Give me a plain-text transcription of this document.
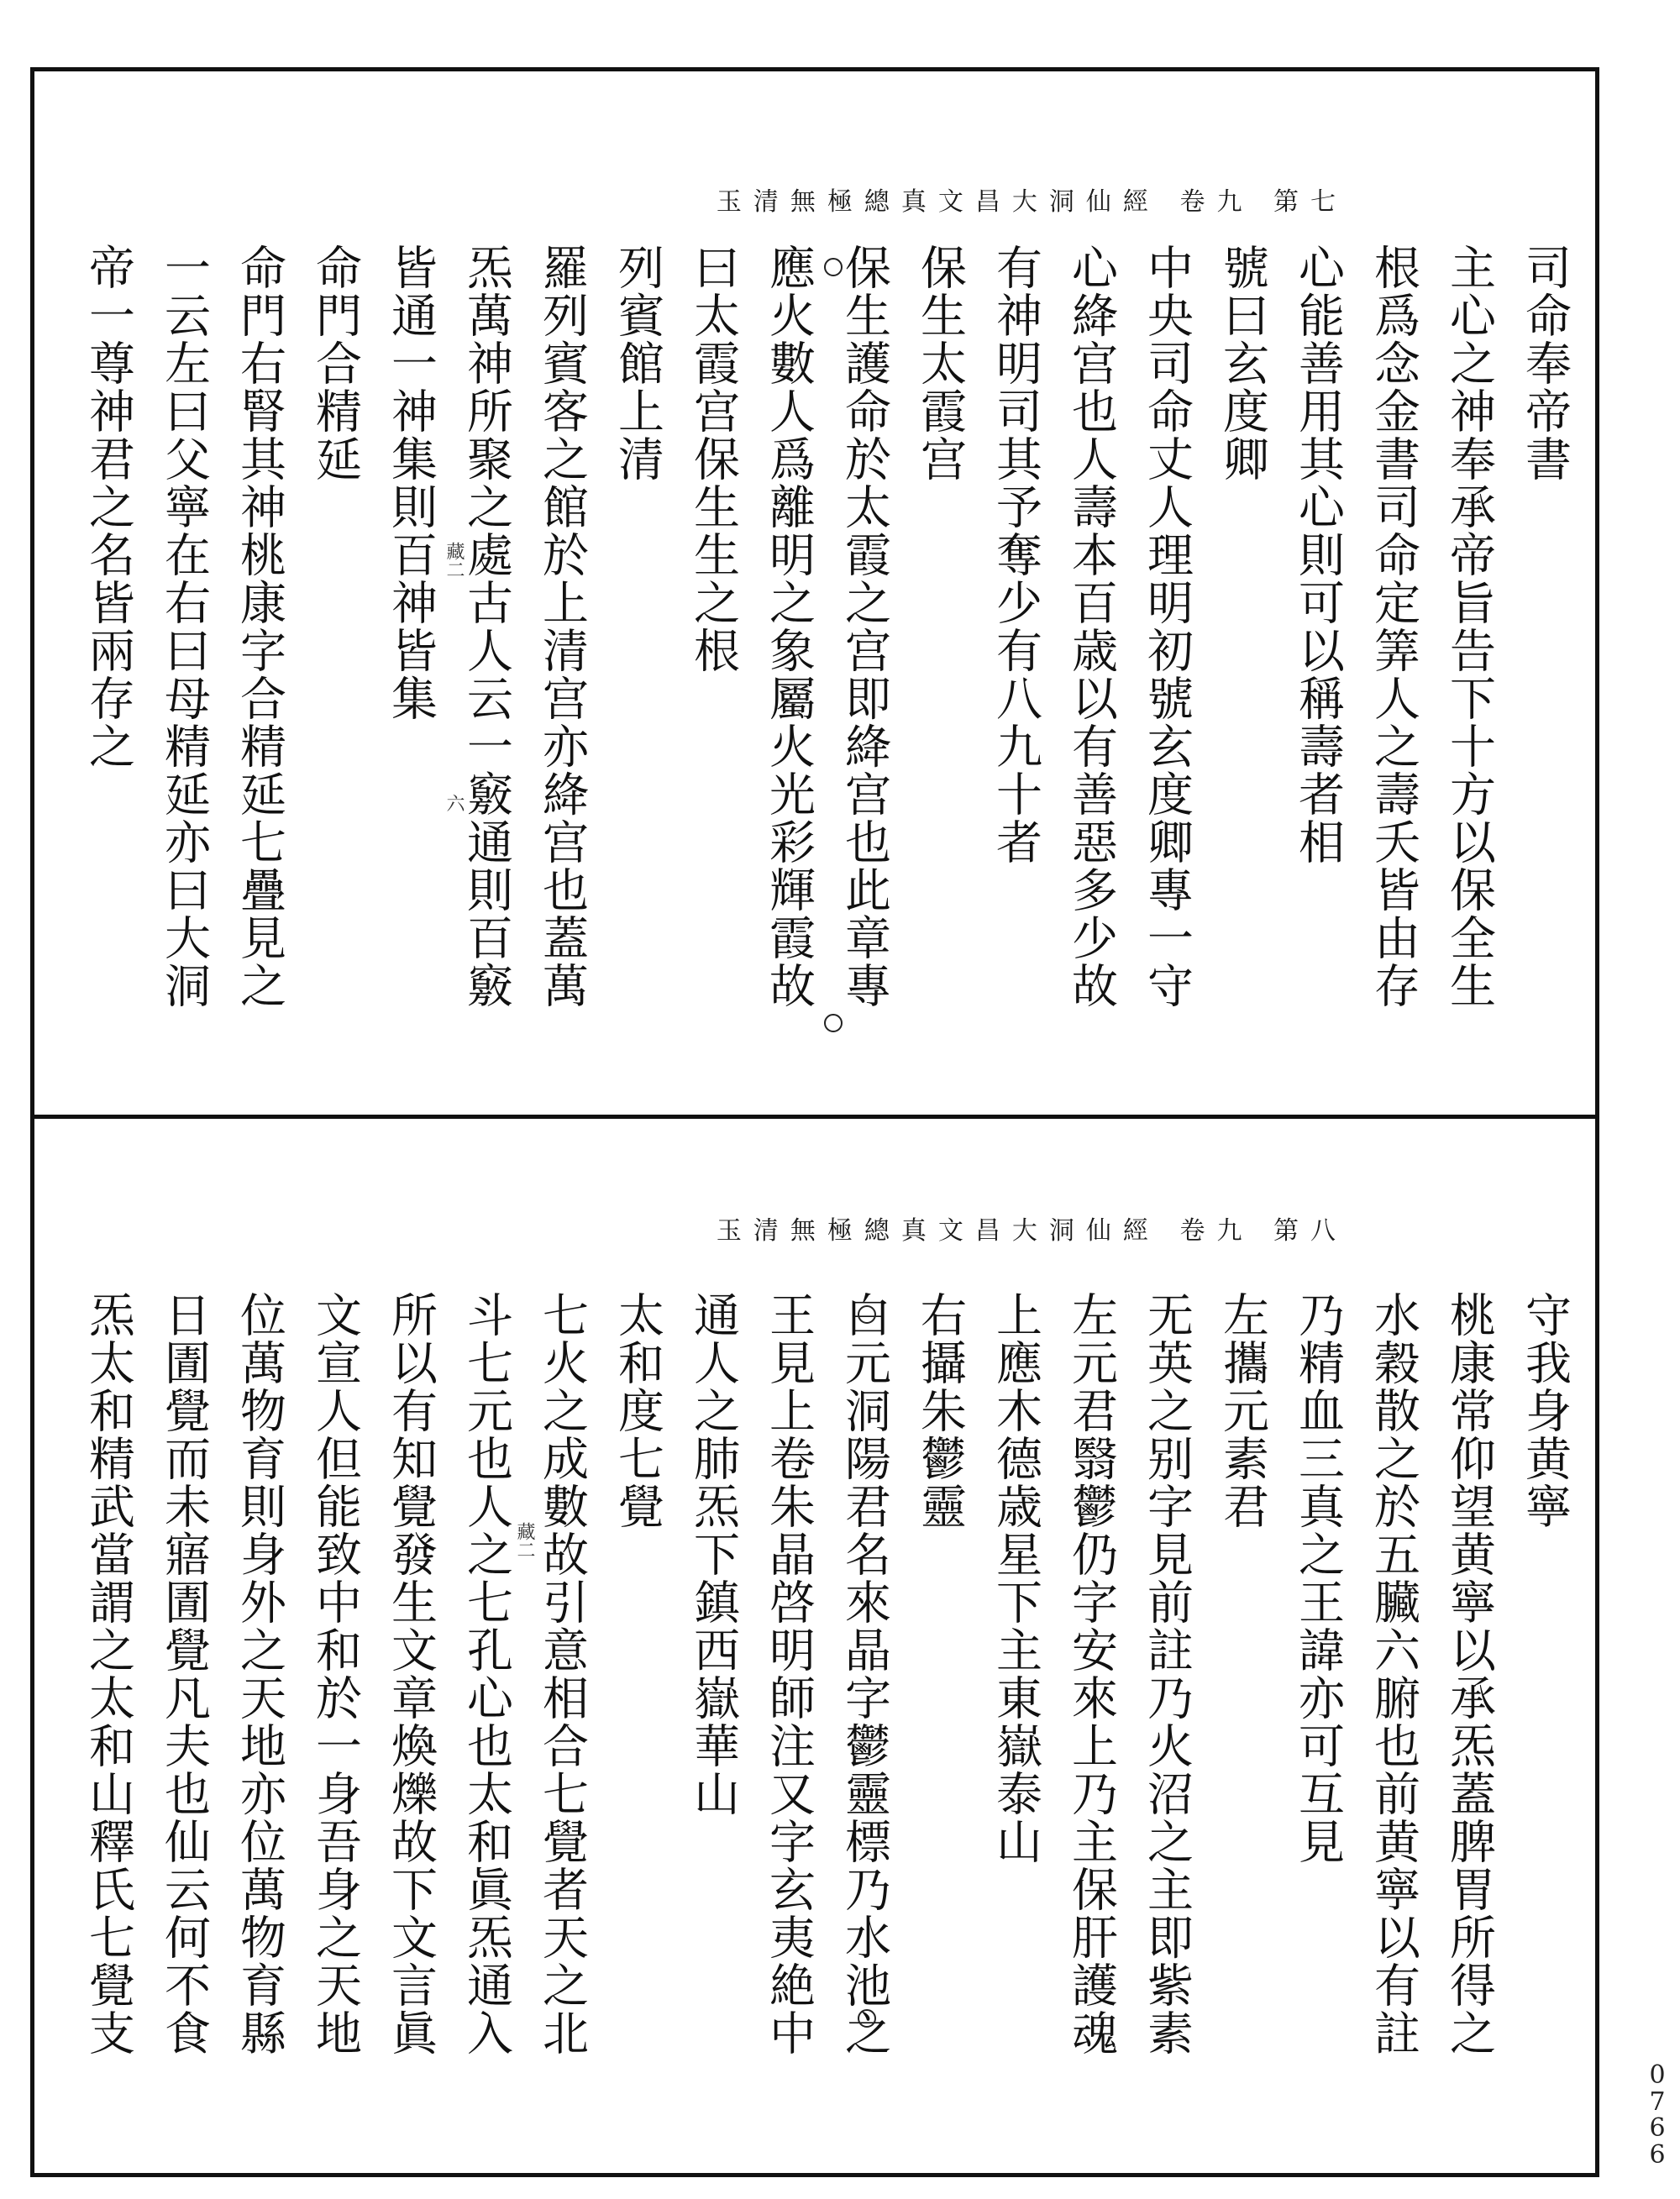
玉清無極總真文昌大洞仙經 卷九 第七
司命奉帝書
主心之神奉承帝旨告下十方以保全生
根爲念金書司命定筭人之壽夭皆由存
心能善用其心則可以稱壽者相
號曰玄度卿
中央司命丈人理明初號玄度卿專一守
心絳宫也人壽本百歳以有善惡多少故
有神明司其予奪少有八九十者
保生太霞宫
保生護命於太霞之宫即絳宫也此章專
應火數人爲離明之象屬火光彩輝霞故
曰太霞宫保生生之根
列賓館上清
羅列賓客之館於上清宫亦絳宫也蓋萬
炁萬神所聚之處古人云一竅通則百竅
皆通一神集則百神皆集
命門合精延
命門右腎其神桃康字合精延七疊見之
一云左曰父寧在右曰母精延亦曰大洞
帝一尊神君之名皆兩存之	藏二
六
玉清無極總真文昌大洞仙經 卷九 第八
守我身黄寧
桃康常仰望黄寧以承炁蓋脾胃所得之
水穀散之於五臟六腑也前黄寧以有註
乃精血三真之王諱亦可互見
左攜元素君
无英之别字見前註乃火沼之主即紫素
左元君翳鬱仍字安來上乃主保肝護魂
上應木德歳星下主東嶽泰山
右攝朱鬱靈
白元洞陽君名來晶字鬱靈標乃水池之
王見上卷朱晶啓明師注又字玄夷絶中
通人之肺炁下鎮西嶽華山
太和度七覺
七火之成數故引意相合七覺者天之北
斗七元也人之七孔心也太和眞炁通入
所以有知覺發生文章煥爍故下文言眞
文宣人但能致中和於一身吾身之天地
位萬物育則身外之天地亦位萬物育縣
日圊覺而未寤圊覺凡夫也仙云何不食
炁太和精武當謂之太和山釋氏七覺支	藏二
0766
